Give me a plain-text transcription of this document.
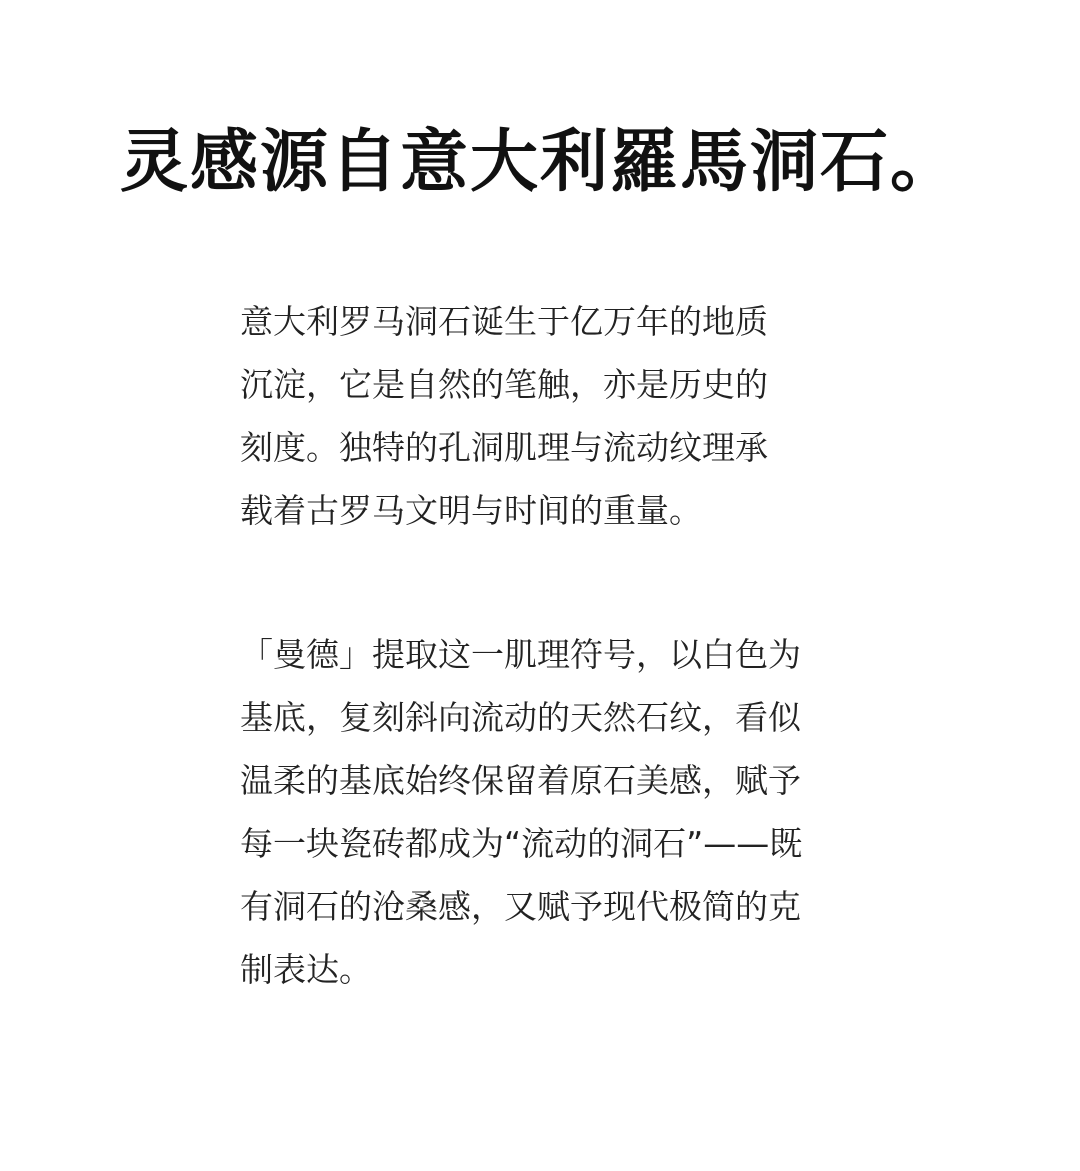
灵感源自意大利羅馬洞石。

意大利罗马洞石诞生于亿万年的地质
沉淀，它是自然的笔触，亦是历史的
刻度。独特的孔洞肌理与流动纹理承
载着古罗马文明与时间的重量。

「曼德」提取这一肌理符号，以白色为
基底，复刻斜向流动的天然石纹，看似
温柔的基底始终保留着原石美感，赋予
每一块瓷砖都成为“流动的洞石”——既
有洞石的沧桑感，又赋予现代极简的克
制表达。
